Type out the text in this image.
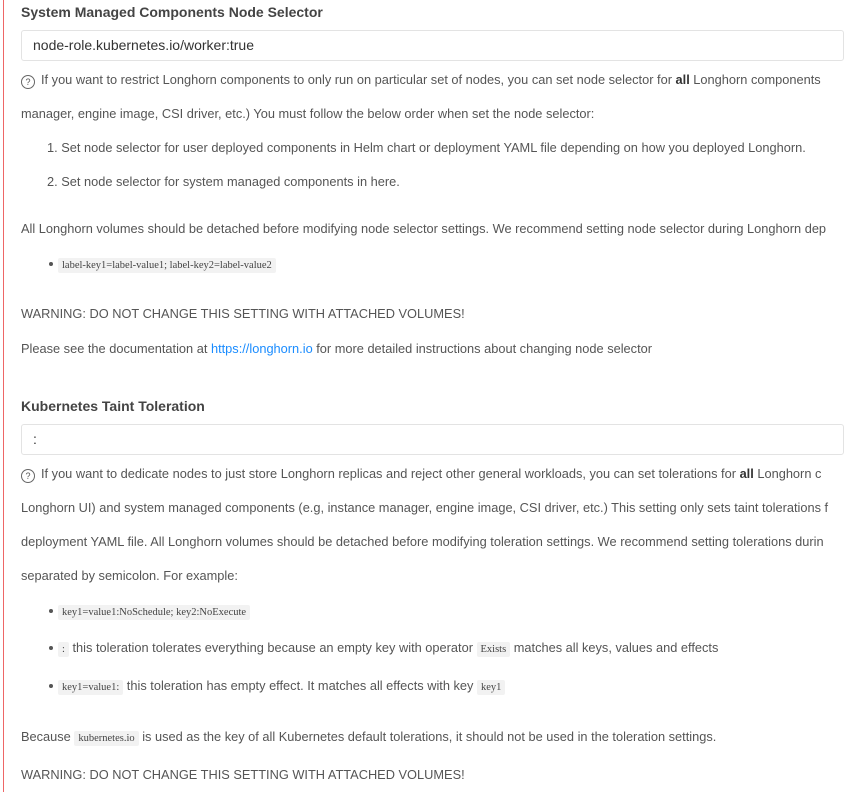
System Managed Components Node Selector
node-role.kubernetes.io/worker:true
? If you want to restrict Longhorn components to only run on particular set of nodes, you can set node selector for all Longhorn components
manager, engine image, CSI driver, etc.) You must follow the below order when set the node selector:
1. Set node selector for user deployed components in Helm chart or deployment YAML file depending on how you deployed Longhorn.
2. Set node selector for system managed components in here.
All Longhorn volumes should be detached before modifying node selector settings. We recommend setting node selector during Longhorn dep
label-key1=label-value1; label-key2=label-value2
WARNING: DO NOT CHANGE THIS SETTING WITH ATTACHED VOLUMES!
Please see the documentation at https://longhorn.io for more detailed instructions about changing node selector
Kubernetes Taint Toleration
:
? If you want to dedicate nodes to just store Longhorn replicas and reject other general workloads, you can set tolerations for all Longhorn c
Longhorn UI) and system managed components (e.g, instance manager, engine image, CSI driver, etc.) This setting only sets taint tolerations f
deployment YAML file. All Longhorn volumes should be detached before modifying toleration settings. We recommend setting tolerations durin
separated by semicolon. For example:
key1=value1:NoSchedule; key2:NoExecute
: this toleration tolerates everything because an empty key with operator Exists matches all keys, values and effects
key1=value1: this toleration has empty effect. It matches all effects with key key1
Because kubernetes.io is used as the key of all Kubernetes default tolerations, it should not be used in the toleration settings.
WARNING: DO NOT CHANGE THIS SETTING WITH ATTACHED VOLUMES!
